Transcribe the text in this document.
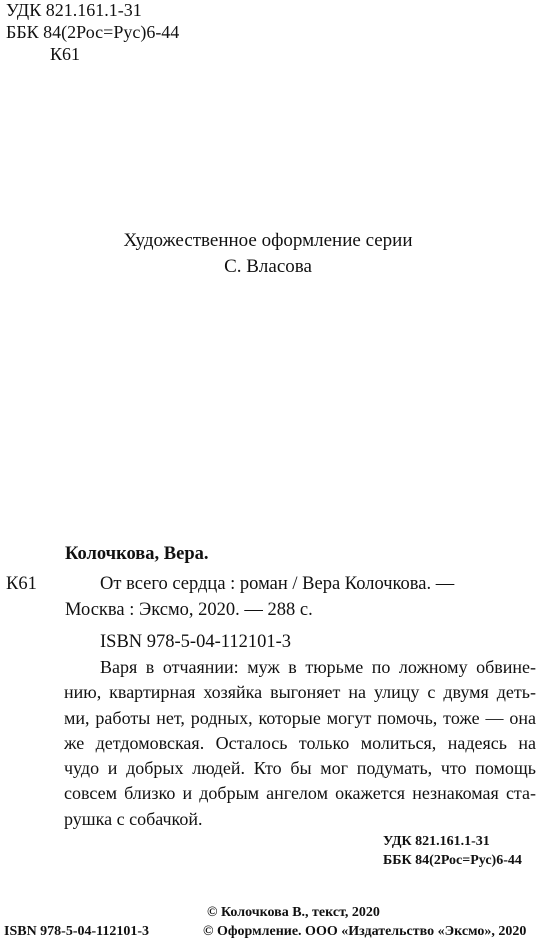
УДК 821.161.1-31
ББК 84(2Рос=Рус)6-44
К61
Художественное оформление серии
С. Власова
Колочкова, Вера.
К61	От всего сердца : роман / Вера Колочкова. —
Москва : Эксмо, 2020. — 288 с.
ISBN 978-5-04-112101-3
Варя в отчаянии: муж в тюрьме по ложному обвине-
нию, квартирная хозяйка выгоняет на улицу с двумя деть-
ми, работы нет, родных, которые могут помочь, тоже — она
же детдомовская. Осталось только молиться, надеясь на
чудо и добрых людей. Кто бы мог подумать, что помощь
совсем близко и добрым ангелом окажется незнакомая ста-
рушка с собачкой.
УДК 821.161.1-31
ББК 84(2Рос=Рус)6-44
© Колочкова В., текст, 2020
ISBN 978-5-04-112101-3	© Оформление. ООО «Издательство «Эксмо», 2020
